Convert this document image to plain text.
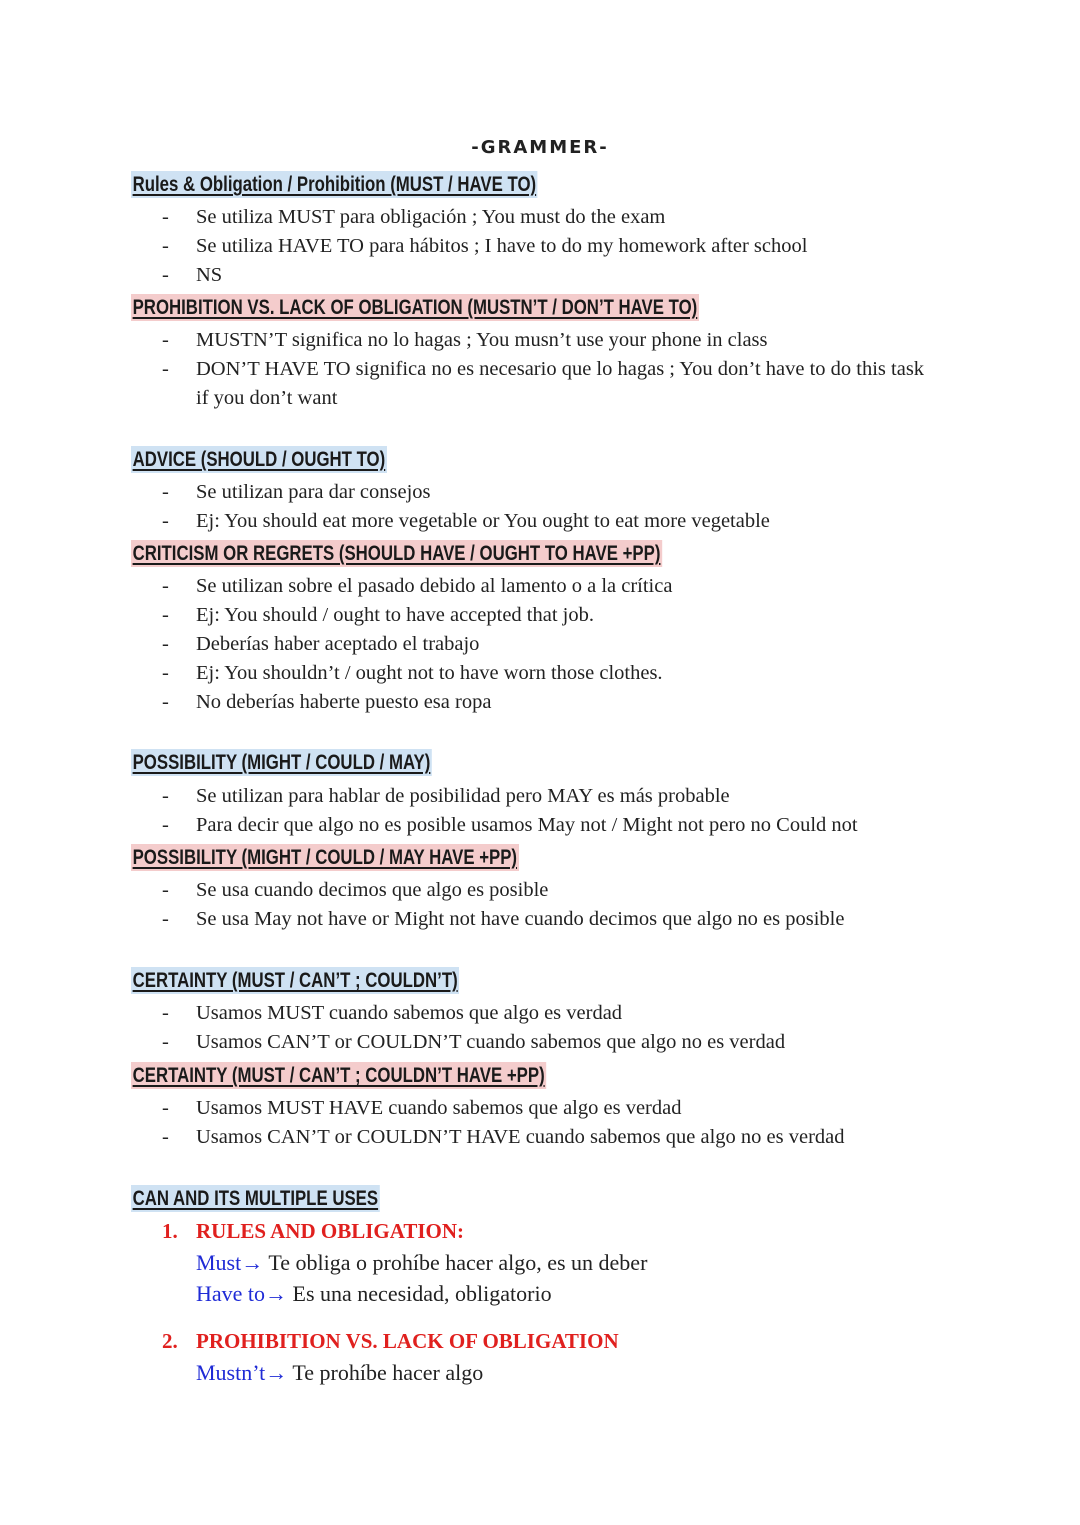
-GRAMMER-
Rules & Obligation / Prohibition (MUST / HAVE TO)
- Se utiliza MUST para obligación ; You must do the exam
- Se utiliza HAVE TO para hábitos ; I have to do my homework after school
- NS
PROHIBITION VS. LACK OF OBLIGATION (MUSTN’T / DON’T HAVE TO)
- MUSTN’T significa no lo hagas ; You musn’t use your phone in class
- DON’T HAVE TO significa no es necesario que lo hagas ; You don’t have to do this task if you don’t want
ADVICE (SHOULD / OUGHT TO)
- Se utilizan para dar consejos
- Ej: You should eat more vegetable or You ought to eat more vegetable
CRITICISM OR REGRETS (SHOULD HAVE / OUGHT TO HAVE +PP)
- Se utilizan sobre el pasado debido al lamento o a la crítica
- Ej: You should / ought to have accepted that job.
- Deberías haber aceptado el trabajo
- Ej: You shouldn’t / ought not to have worn those clothes.
- No deberías haberte puesto esa ropa
POSSIBILITY (MIGHT / COULD / MAY)
- Se utilizan para hablar de posibilidad pero MAY es más probable
- Para decir que algo no es posible usamos May not / Might not pero no Could not
POSSIBILITY (MIGHT / COULD / MAY HAVE +PP)
- Se usa cuando decimos que algo es posible
- Se usa May not have or Might not have cuando decimos que algo no es posible
CERTAINTY (MUST / CAN’T ; COULDN’T)
- Usamos MUST cuando sabemos que algo es verdad
- Usamos CAN’T or COULDN’T cuando sabemos que algo no es verdad
CERTAINTY (MUST / CAN’T ; COULDN’T HAVE +PP)
- Usamos MUST HAVE cuando sabemos que algo es verdad
- Usamos CAN’T or COULDN’T HAVE cuando sabemos que algo no es verdad
CAN AND ITS MULTIPLE USES
1. RULES AND OBLIGATION:
Must→ Te obliga o prohíbe hacer algo, es un deber
Have to→ Es una necesidad, obligatorio
2. PROHIBITION VS. LACK OF OBLIGATION
Mustn’t→ Te prohíbe hacer algo
